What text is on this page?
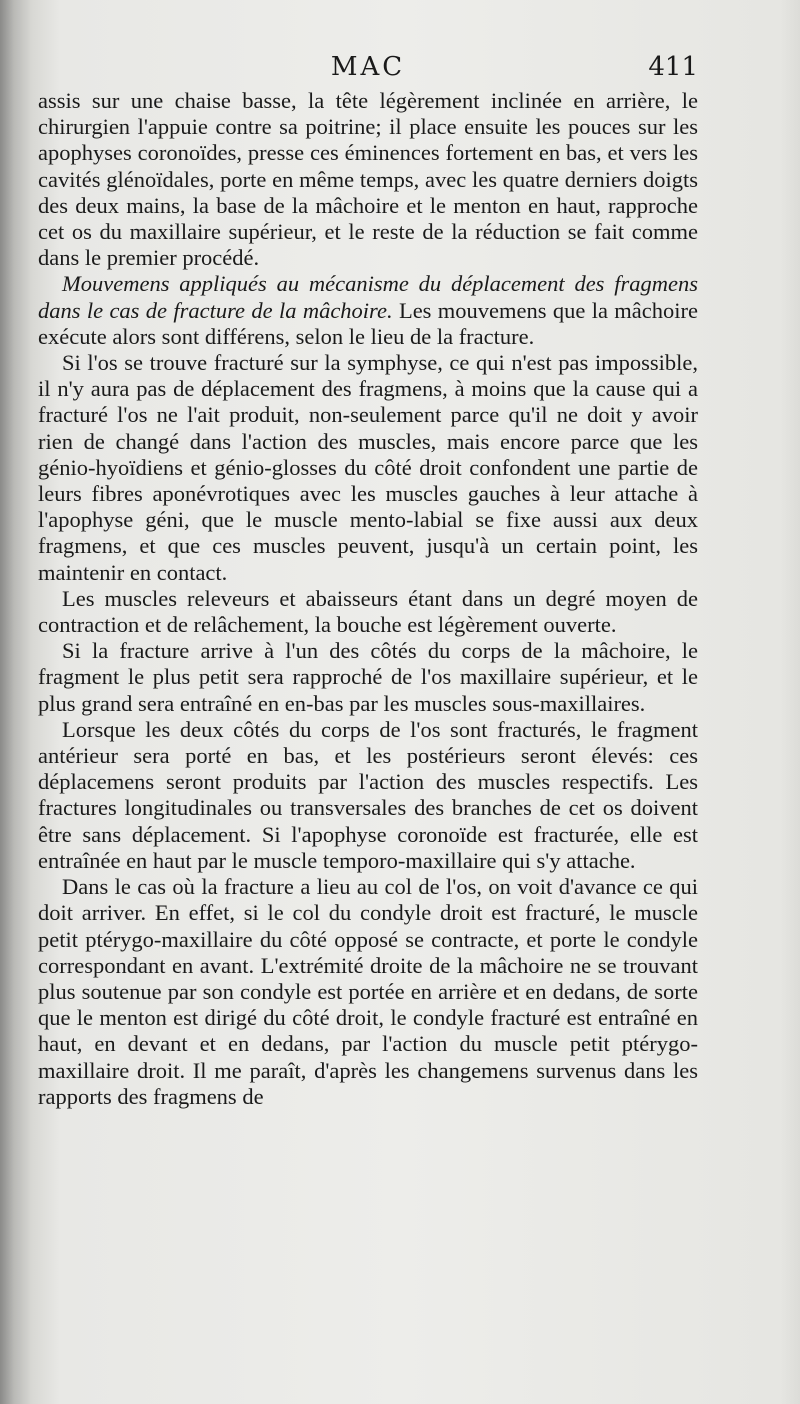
MAC	411

assis sur une chaise basse, la tête légèrement inclinée en arrière, le chirurgien l'appuie contre sa poitrine; il place ensuite les pouces sur les apophyses coronoïdes, presse ces éminences fortement en bas, et vers les cavités glénoïdales, porte en même temps, avec les quatre derniers doigts des deux mains, la base de la mâchoire et le menton en haut, rapproche cet os du maxillaire supérieur, et le reste de la réduction se fait comme dans le premier procédé.

Mouvemens appliqués au mécanisme du déplacement des fragmens dans le cas de fracture de la mâchoire. Les mouvemens que la mâchoire exécute alors sont différens, selon le lieu de la fracture.

Si l'os se trouve fracturé sur la symphyse, ce qui n'est pas impossible, il n'y aura pas de déplacement des fragmens, à moins que la cause qui a fracturé l'os ne l'ait produit, non-seulement parce qu'il ne doit y avoir rien de changé dans l'action des muscles, mais encore parce que les génio-hyoïdiens et génio-glosses du côté droit confondent une partie de leurs fibres aponévrotiques avec les muscles gauches à leur attache à l'apophyse géni, que le muscle mento-labial se fixe aussi aux deux fragmens, et que ces muscles peuvent, jusqu'à un certain point, les maintenir en contact.

Les muscles releveurs et abaisseurs étant dans un degré moyen de contraction et de relâchement, la bouche est légèrement ouverte.

Si la fracture arrive à l'un des côtés du corps de la mâchoire, le fragment le plus petit sera rapproché de l'os maxillaire supérieur, et le plus grand sera entraîné en en-bas par les muscles sous-maxillaires.

Lorsque les deux côtés du corps de l'os sont fracturés, le fragment antérieur sera porté en bas, et les postérieurs seront élevés: ces déplacemens seront produits par l'action des muscles respectifs. Les fractures longitudinales ou transversales des branches de cet os doivent être sans déplacement. Si l'apophyse coronoïde est fracturée, elle est entraînée en haut par le muscle temporo-maxillaire qui s'y attache.

Dans le cas où la fracture a lieu au col de l'os, on voit d'avance ce qui doit arriver. En effet, si le col du condyle droit est fracturé, le muscle petit ptérygo-maxillaire du côté opposé se contracte, et porte le condyle correspondant en avant. L'extrémité droite de la mâchoire ne se trouvant plus soutenue par son condyle est portée en arrière et en dedans, de sorte que le menton est dirigé du côté droit, le condyle fracturé est entraîné en haut, en devant et en dedans, par l'action du muscle petit ptérygo-maxillaire droit. Il me paraît, d'après les changemens survenus dans les rapports des fragmens de
